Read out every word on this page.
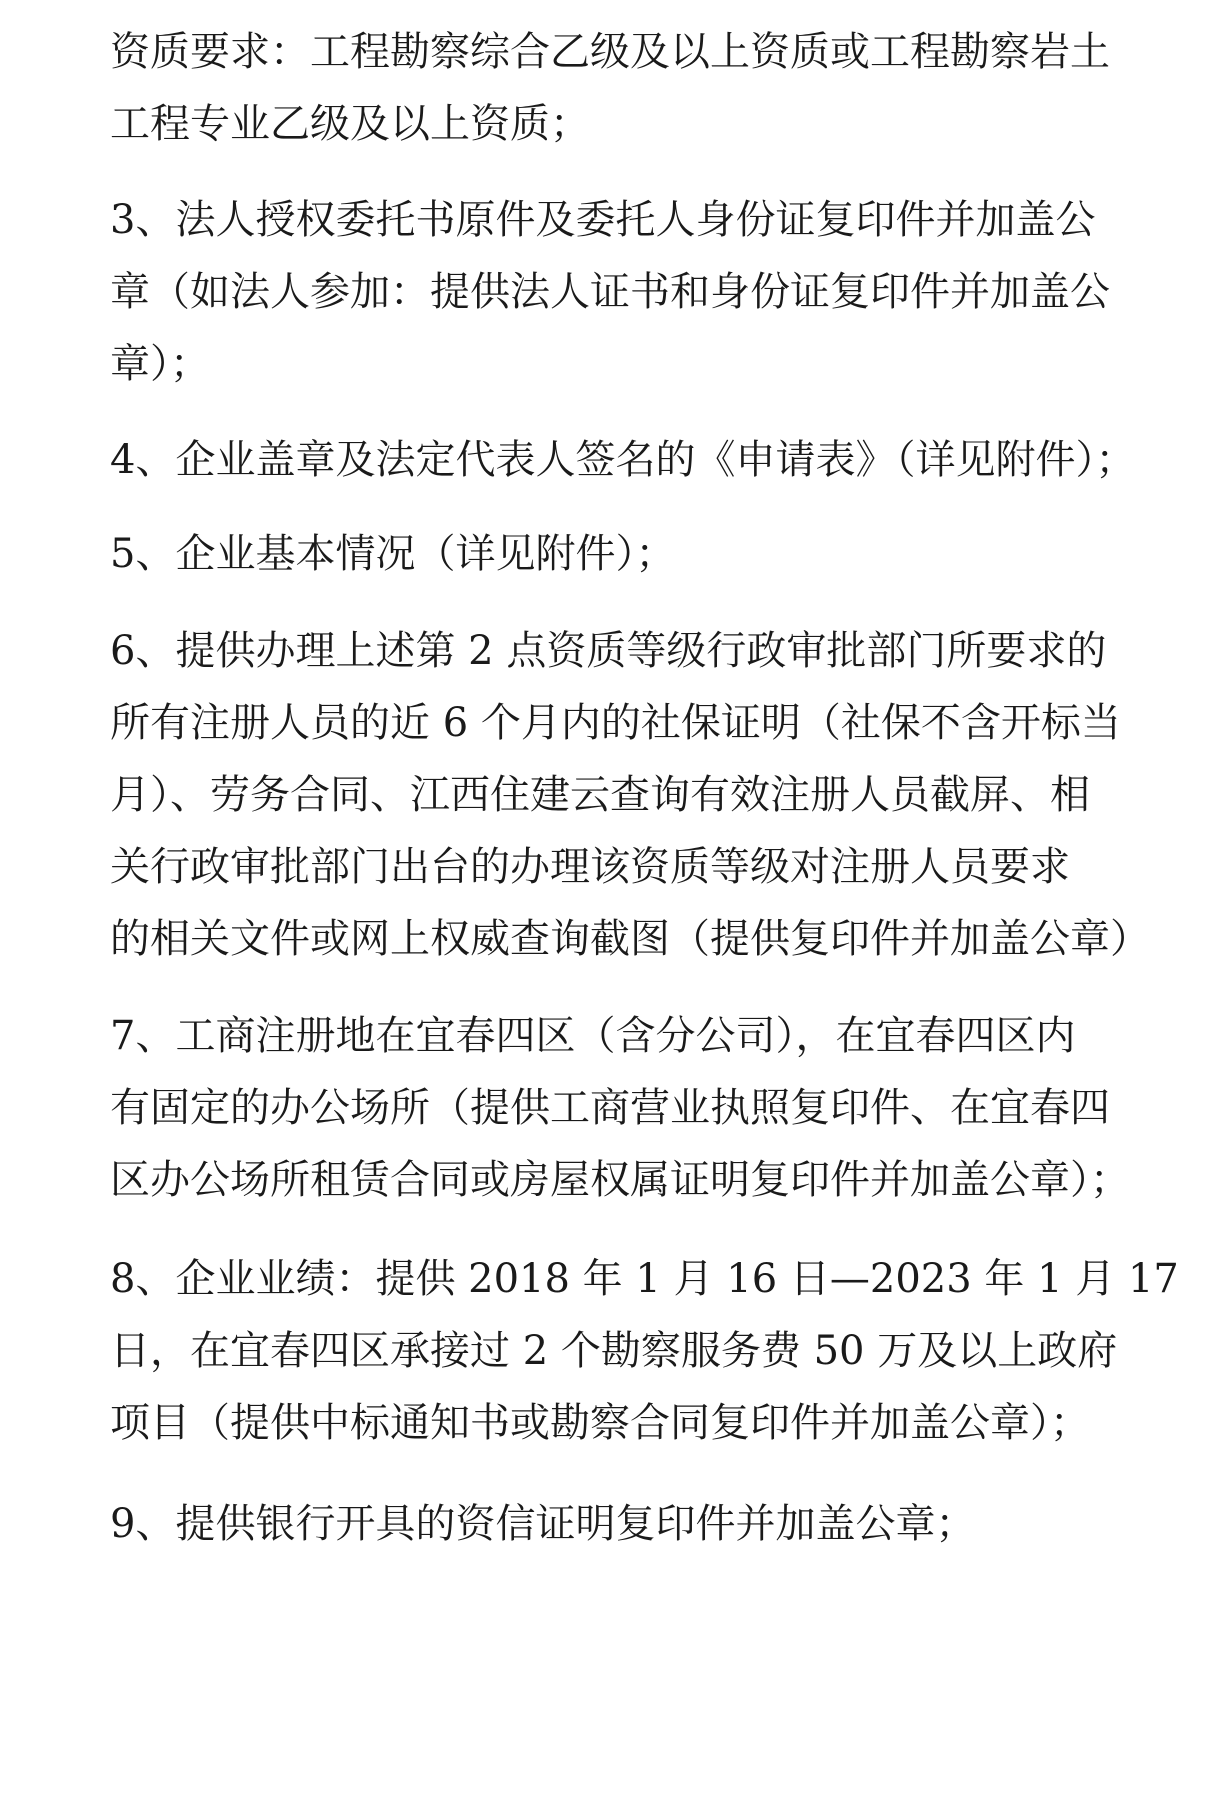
资质要求：工程勘察综合乙级及以上资质或工程勘察岩土
工程专业乙级及以上资质；
3、法人授权委托书原件及委托人身份证复印件并加盖公
章（如法人参加：提供法人证书和身份证复印件并加盖公
章）；
4、企业盖章及法定代表人签名的《申请表》（详见附件）；
5、企业基本情况（详见附件）；
6、提供办理上述第 2 点资质等级行政审批部门所要求的
所有注册人员的近 6 个月内的社保证明（社保不含开标当
月）、劳务合同、江西住建云查询有效注册人员截屏、相
关行政审批部门出台的办理该资质等级对注册人员要求
的相关文件或网上权威查询截图（提供复印件并加盖公章）
7、工商注册地在宜春四区（含分公司），在宜春四区内
有固定的办公场所（提供工商营业执照复印件、在宜春四
区办公场所租赁合同或房屋权属证明复印件并加盖公章）；
8、企业业绩：提供 2018 年 1 月 16 日—2023 年 1 月 17
日，在宜春四区承接过 2 个勘察服务费 50 万及以上政府
项目（提供中标通知书或勘察合同复印件并加盖公章）；
9、提供银行开具的资信证明复印件并加盖公章；
